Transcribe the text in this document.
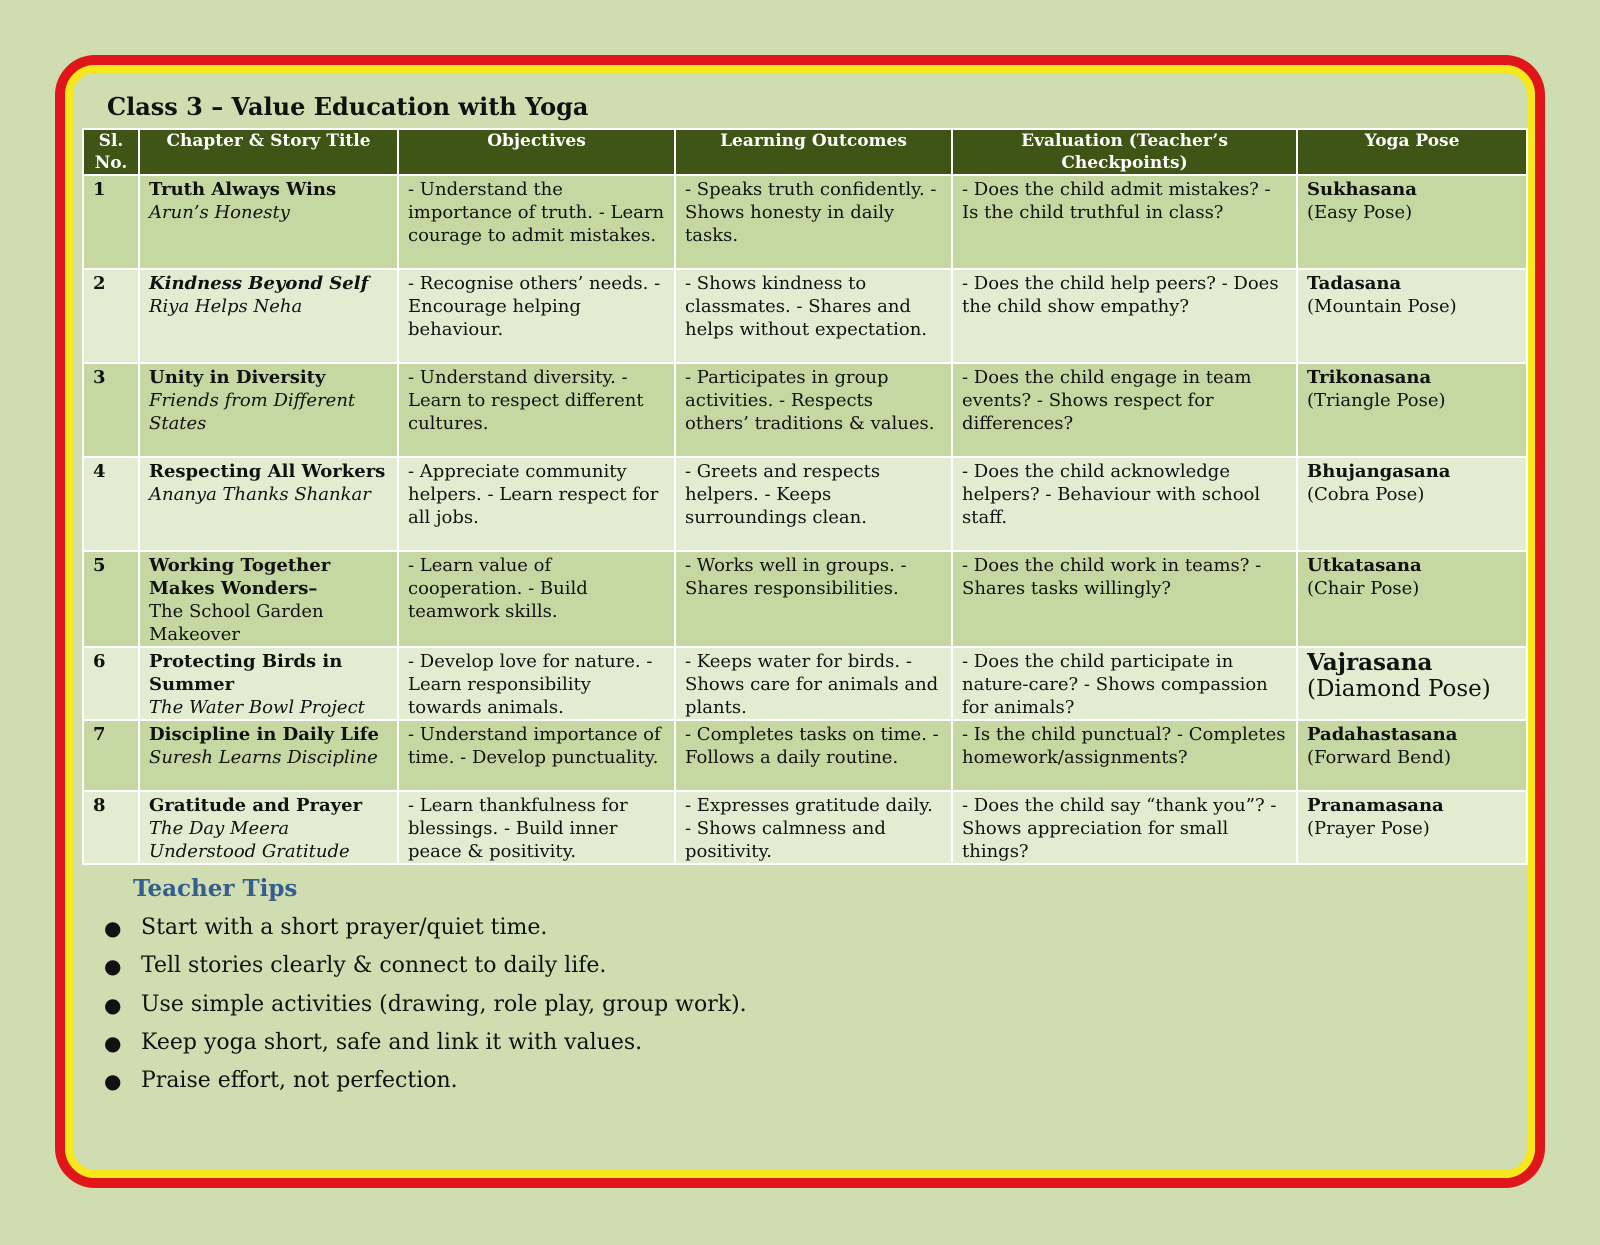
Class 3 – Value Education with Yoga
Sl. No.	Chapter & Story Title	Objectives	Learning Outcomes	Evaluation (Teacher’s Checkpoints)	Yoga Pose
1	Truth Always Wins
Arun’s Honesty	- Understand the importance of truth. - Learn courage to admit mistakes.	- Speaks truth confidently. - Shows honesty in daily tasks.	- Does the child admit mistakes? - Is the child truthful in class?	Sukhasana
(Easy Pose)

2	Kindness Beyond Self
Riya Helps Neha	- Recognise others’ needs. - Encourage helping behaviour.	- Shows kindness to classmates. - Shares and helps without expectation.	- Does the child help peers? - Does the child show empathy?	Tadasana
(Mountain Pose)

3	Unity in Diversity
Friends from Different States	- Understand diversity. - Learn to respect different cultures.	- Participates in group activities. - Respects others’ traditions & values.	- Does the child engage in team events? - Shows respect for differences?	Trikonasana
(Triangle Pose)

4	Respecting All Workers
Ananya Thanks Shankar	- Appreciate community helpers. - Learn respect for all jobs.	- Greets and respects helpers. - Keeps surroundings clean.	- Does the child acknowledge helpers? - Behaviour with school staff.	Bhujangasana
(Cobra Pose)

5	Working Together Makes Wonders–
The School Garden Makeover	- Learn value of cooperation. - Build teamwork skills.	- Works well in groups. - Shares responsibilities.	- Does the child work in teams? - Shares tasks willingly?	Utkatasana
(Chair Pose)

6	Protecting Birds in Summer
The Water Bowl Project	- Develop love for nature. - Learn responsibility towards animals.	- Keeps water for birds. - Shows care for animals and plants.	- Does the child participate in nature-care? - Shows compassion for animals?	Vajrasana
(Diamond Pose)

7	Discipline in Daily Life
Suresh Learns Discipline	- Understand importance of time. - Develop punctuality.	- Completes tasks on time. - Follows a daily routine.	- Is the child punctual? - Completes homework/assignments?	Padahastasana
(Forward Bend)

8	Gratitude and Prayer
The Day Meera Understood Gratitude	- Learn thankfulness for blessings. - Build inner peace & positivity.	- Expresses gratitude daily. - Shows calmness and positivity.	- Does the child say “thank you”? - Shows appreciation for small things?	Pranamasana
(Prayer Pose)
Teacher Tips
● Start with a short prayer/quiet time.
● Tell stories clearly & connect to daily life.
● Use simple activities (drawing, role play, group work).
● Keep yoga short, safe and link it with values.
● Praise effort, not perfection.
